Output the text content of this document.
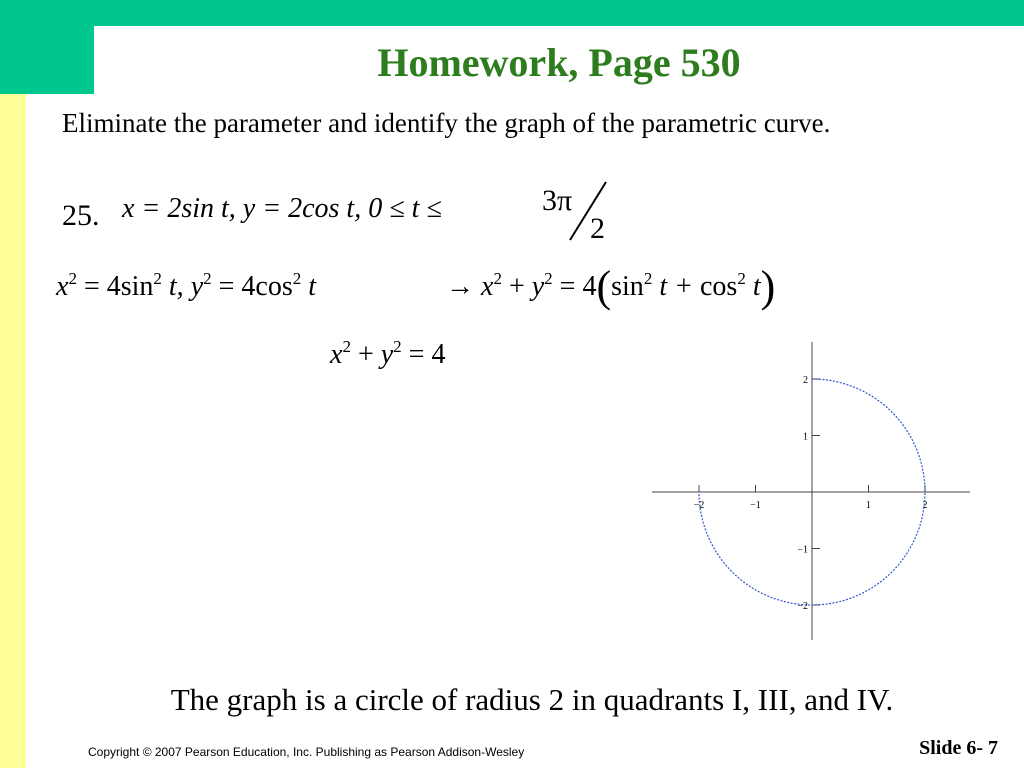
Homework, Page 530
Eliminate the parameter and identify the graph of the parametric curve.
25. x = 2sin t, y = 2cos t, 0 ≤ t ≤	3π
2
$x^2 = 4\sin^2$ t, $y^2 = 4\cos^2$ t	→ $x^2 + y^2 = 4(\sin^2$ $t + \cos^2 t$)
$x^2 + y^2 = 4$
−2	−1	1	2
2
1
−1
−2
The graph is a circle of radius 2 in quadrants I, III, and IV.
Copyright © 2007 Pearson Education, Inc. Publishing as Pearson Addison-Wesley	Slide 6- 7
